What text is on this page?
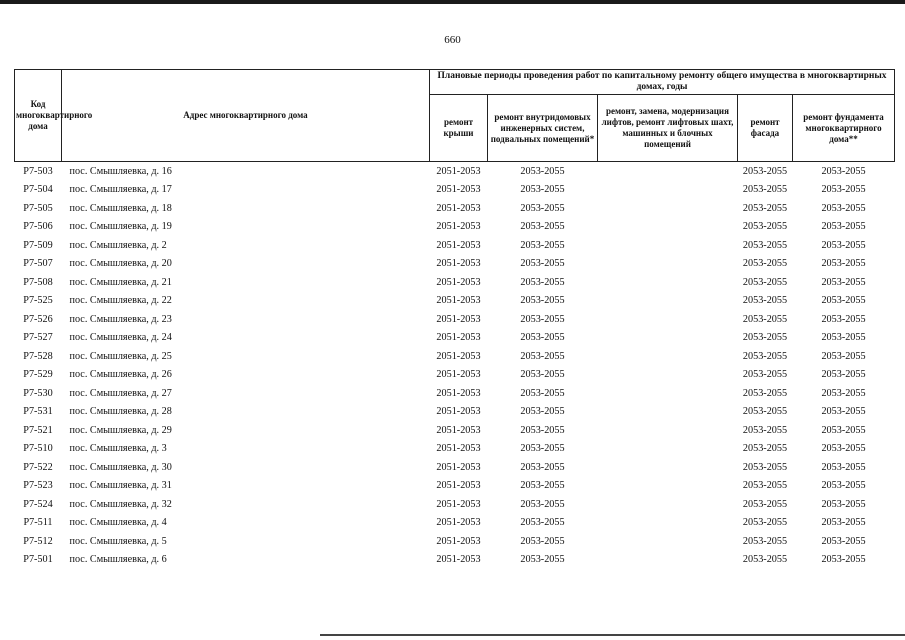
660
Код многоквартирного дома	Адрес многоквартирного дома	Плановые периоды проведения работ по капитальному ремонту общего имущества в многоквартирных домах, годы				
		ремонт крыши	ремонт внутридомовых инженерных систем, подвальных помещений*	ремонт, замена, модернизация лифтов, ремонт лифтовых шахт, машинных и блочных помещений	ремонт фасада	ремонт фундамента многоквартирного дома**
Р7-503	пос. Смышляевка, д. 16	2051-2053	2053-2055		2053-2055	2053-2055
Р7-504	пос. Смышляевка, д. 17	2051-2053	2053-2055		2053-2055	2053-2055
Р7-505	пос. Смышляевка, д. 18	2051-2053	2053-2055		2053-2055	2053-2055
Р7-506	пос. Смышляевка, д. 19	2051-2053	2053-2055		2053-2055	2053-2055
Р7-509	пос. Смышляевка, д. 2	2051-2053	2053-2055		2053-2055	2053-2055
Р7-507	пос. Смышляевка, д. 20	2051-2053	2053-2055		2053-2055	2053-2055
Р7-508	пос. Смышляевка, д. 21	2051-2053	2053-2055		2053-2055	2053-2055
Р7-525	пос. Смышляевка, д. 22	2051-2053	2053-2055		2053-2055	2053-2055
Р7-526	пос. Смышляевка, д. 23	2051-2053	2053-2055		2053-2055	2053-2055
Р7-527	пос. Смышляевка, д. 24	2051-2053	2053-2055		2053-2055	2053-2055
Р7-528	пос. Смышляевка, д. 25	2051-2053	2053-2055		2053-2055	2053-2055
Р7-529	пос. Смышляевка, д. 26	2051-2053	2053-2055		2053-2055	2053-2055
Р7-530	пос. Смышляевка, д. 27	2051-2053	2053-2055		2053-2055	2053-2055
Р7-531	пос. Смышляевка, д. 28	2051-2053	2053-2055		2053-2055	2053-2055
Р7-521	пос. Смышляевка, д. 29	2051-2053	2053-2055		2053-2055	2053-2055
Р7-510	пос. Смышляевка, д. 3	2051-2053	2053-2055		2053-2055	2053-2055
Р7-522	пос. Смышляевка, д. 30	2051-2053	2053-2055		2053-2055	2053-2055
Р7-523	пос. Смышляевка, д. 31	2051-2053	2053-2055		2053-2055	2053-2055
Р7-524	пос. Смышляевка, д. 32	2051-2053	2053-2055		2053-2055	2053-2055
Р7-511	пос. Смышляевка, д. 4	2051-2053	2053-2055		2053-2055	2053-2055
Р7-512	пос. Смышляевка, д. 5	2051-2053	2053-2055		2053-2055	2053-2055
Р7-501	пос. Смышляевка, д. 6	2051-2053	2053-2055		2053-2055	2053-2055
